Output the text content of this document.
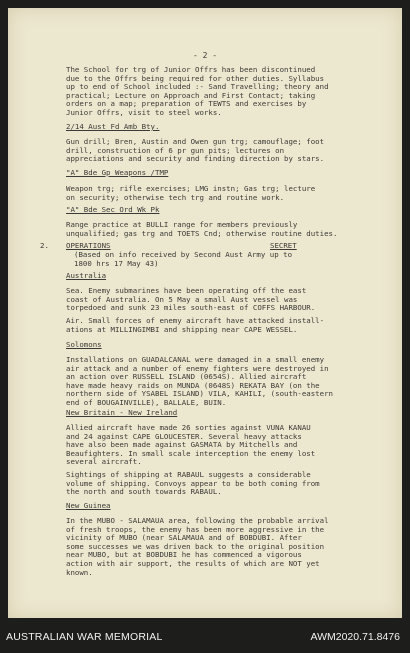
- 2 -
The School for trg of Junior Offrs has been discontinued
due to the Offrs being required for other duties. Syllabus
up to end of School included :- Sand Travelling; theory and
practical; Lecture on Approach and First Contact; taking
orders on a map; preparation of TEWTS and exercises by
Junior Offrs, visit to steel works.
2/14 Aust Fd Amb Bty.
Gun drill; Bren, Austin and Owen gun trg; camouflage; foot
drill, construction of 6 pr gun pits; lectures on
appreciations and security and finding direction by stars.
"A" Bde Gp Weapons /TMP
Weapon trg; rifle exercises; LMG instn; Gas trg; lecture
on security; otherwise tech trg and routine work.
"A" Bde Sec Ord Wk Pk
Range practice at BULLI range for members previously
unqualified; gas trg and TOETS Cnd; otherwise routine duties.
2. OPERATIONS	SECRET
(Based on info received by Second Aust Army up to
1800 hrs 17 May 43)
Australia
Sea. Enemy submarines have been operating off the east
coast of Australia. On 5 May a small Aust vessel was
torpedoed and sunk 23 miles south-east of COFFS HARBOUR.
Air. Small forces of enemy aircraft have attacked install-
ations at MILLINGIMBI and shipping near CAPE WESSEL.
Solomons
Installations on GUADALCANAL were damaged in a small enemy
air attack and a number of enemy fighters were destroyed in
an action over RUSSELL ISLAND (0654S). Allied aircraft
have made heavy raids on MUNDA (0648S) REKATA BAY (on the
northern side of YSABEL ISLAND) VILA, KAHILI, (south-eastern
end of BOUGAINVILLE), BALLALE, BUIN.
New Britain - New Ireland
Allied aircraft have made 26 sorties against VUNA KANAU
and 24 against CAPE GLOUCESTER. Several heavy attacks
have also been made against GASMATA by Mitchells and
Beaufighters. In small scale interception the enemy lost
several aircraft.
Sightings of shipping at RABAUL suggests a considerable
volume of shipping. Convoys appear to be both coming from
the north and south towards RABAUL.
New Guinea
In the MUBO - SALAMAUA area, following the probable arrival
of fresh troops, the enemy has been more aggressive in the
vicinity of MUBO (near SALAMAUA and of BOBDUBI. After
some successes we was driven back to the original position
near MUBO, but at BOBDUBI he has commenced a vigorous
action with air support, the results of which are NOT yet
known.
AUSTRALIAN WAR MEMORIAL	AWM2020.71.8476
